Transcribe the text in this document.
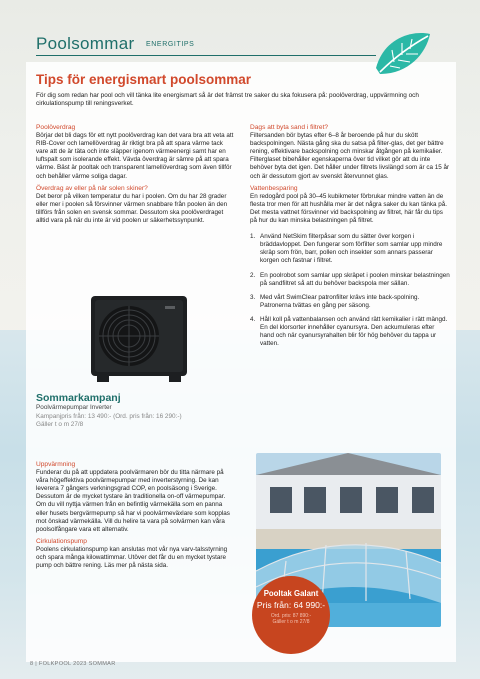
Poolsommar ENERGITIPS
Tips för energismart poolsommar

För dig som redan har pool och vill tänka lite energismart så är det främst tre saker du ska fokusera på: poolöverdrag, uppvärmning och cirkulationspump till reningsverket.

Poolöverdrag

Börjar det bli dags för ett nytt poolöverdrag kan det vara bra att veta att RIB-Cover och lamellöverdrag är riktigt bra på att spara värme tack vare att de är täta och inte släpper igenom värmeenergi samt har en luftspalt som isolerande effekt. Vävda överdrag är sämre på att spara värme. Bäst är pooltak och transparent lamellöverdrag som även tillför och behåller värme soliga dagar.

Överdrag av eller på när solen skiner?

Det beror på vilken temperatur du har i poolen. Om du har 28 grader eller mer i poolen så försvinner värmen snabbare från poolen än den tillförs från solen en svensk sommar. Dessutom ska poolöverdraget alltid vara på när du inte är vid poolen ur säkerhetssynpunkt.

Sommarkampanj

Poolvärmepumpar Inverter

Kampanjpris från: 13 490:- (Ord. pris från: 16 290:-)

Gäller t o m 27/8

Uppvärmning

Funderar du på att uppdatera poolvärmaren bör du titta närmare på våra högeffektiva poolvärmepumpar med inverterstyrning. De kan leverera 7 gångers verkningsgrad COP, en poolsäsong i Sverige. Dessutom är de mycket tystare än traditionella on-off värmepumpar. Om du vill nyttja värmen från en befintlig värmekälla som en panna eller husets bergvärmepump så har vi poolvärmeväxlare som kopplas mot önskad värmekälla. Vill du helire ta vara på solvärmen kan våra poolsolfångare vara ett alternativ.

Cirkulationspump

Poolens cirkulationspump kan anslutas mot vår nya varv-talsstyrning och spara många kilowattimmar. Utöver det får du en mycket tystare pump och bättre rening. Läs mer på nästa sida.

Dags att byta sand i filtret?

Filtersanden bör bytas efter 6–8 år beroende på hur du skött backspolningen. Nästa gång ska du satsa på filter-glas, det ger bättre rening, effektivare backspolning och minskar åtgången på kemikalier. Filterglaset bibehåller egenskaperna över tid vilket gör att du inte behöver byta det igen. Det håller under filtrets livslängd som är ca 15 år och är dessutom gjort av svenskt återvunnet glas.

Vattenbesparing

En redogård pool på 30–45 kubikmeter förbrukar mindre vatten än de flesta tror men för att hushålla mer är det några saker du kan tänka på. Det mesta vattnet försvinner vid backspolning av filtret, här får du tips på hur du kan minska belastningen på filtret.

1. Använd NetSkim filterpåsar som du sätter över korgen i bräddavloppet. Den fungerar som förfilter som samlar upp mindre skräp som frön, barr, pollen och insekter som annars passerar korgen och fastnar i filtret.
2. En poolrobot som samlar upp skräpet i poolen minskar belastningen på sandfiltret så att du behöver backspola mer sällan.
3. Med vårt SwimClear patronfilter krävs inte back-spolning. Patronerna tvättas en gång per säsong.
4. Håll koll på vattenbalansen och använd rätt kemikalier i rätt mängd. En del klorsorter innehåller cyanursyra. Den ackumuleras efter hand och när cyanursyrahalten blir för hög behöver du tappa ur vatten.

Pooltak Galant

Pris från: 64 990:-

Ord. pris: 87 890:-

Gäller t o m 27/8

8 | FOLKPOOL 2023 SOMMAR
